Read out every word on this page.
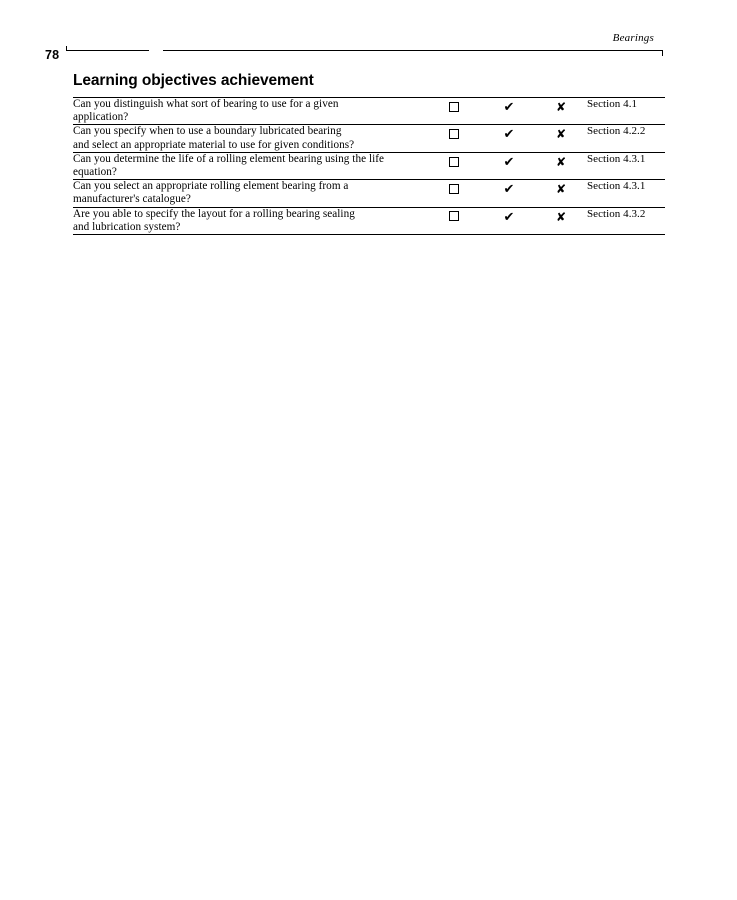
Bearings
78
Learning objectives achievement
Can you distinguish what sort of bearing to use for a given
application?		✔	✘	Section 4.1
Can you specify when to use a boundary lubricated bearing
and select an appropriate material to use for given conditions?		✔	✘	Section 4.2.2
Can you determine the life of a rolling element bearing using the life
equation?		✔	✘	Section 4.3.1
Can you select an appropriate rolling element bearing from a
manufacturer's catalogue?		✔	✘	Section 4.3.1
Are you able to specify the layout for a rolling bearing sealing
and lubrication system?		✔	✘	Section 4.3.2
